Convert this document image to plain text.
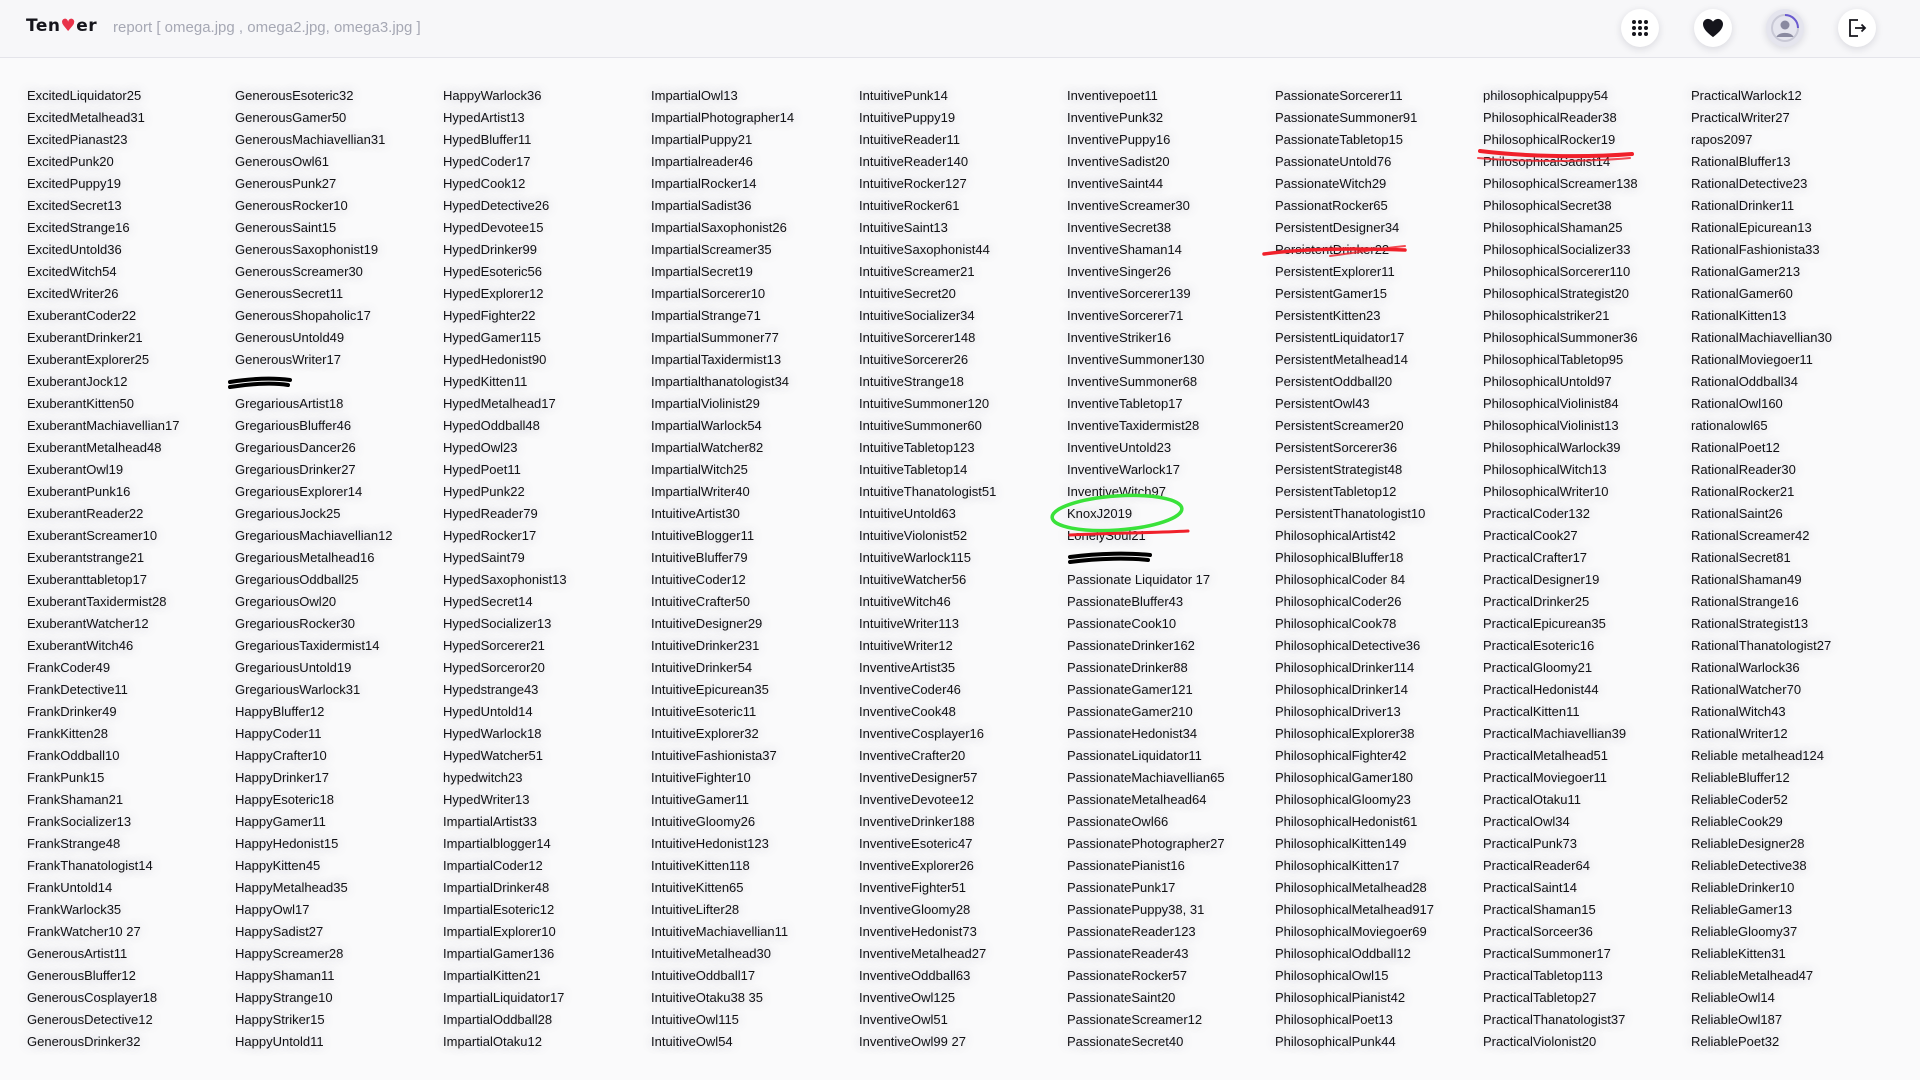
Ten♥er report [ omega.jpg , omega2.jpg, omega3.jpg ]
ExcitedLiquidator25
ExcitedMetalhead31
ExcitedPianast23
ExcitedPunk20
ExcitedPuppy19
ExcitedSecret13
ExcitedStrange16
ExcitedUntold36
ExcitedWitch54
ExcitedWriter26
ExuberantCoder22
ExuberantDrinker21
ExuberantExplorer25
ExuberantJock12
ExuberantKitten50
ExuberantMachiavellian17
ExuberantMetalhead48
ExuberantOwl19
ExuberantPunk16
ExuberantReader22
ExuberantScreamer10
Exuberantstrange21
Exuberanttabletop17
ExuberantTaxidermist28
ExuberantWatcher12
ExuberantWitch46
FrankCoder49
FrankDetective11
FrankDrinker49
FrankKitten28
FrankOddball10
FrankPunk15
FrankShaman21
FrankSocializer13
FrankStrange48
FrankThanatologist14
FrankUntold14
FrankWarlock35
FrankWatcher10 27
GenerousArtist11
GenerousBluffer12
GenerousCosplayer18
GenerousDetective12
GenerousDrinker32
GenerousEsoteric32
GenerousGamer50
GenerousMachiavellian31
GenerousOwl61
GenerousPunk27
GenerousRocker10
GenerousSaint15
GenerousSaxophonist19
GenerousScreamer30
GenerousSecret11
GenerousShopaholic17
GenerousUntold49
GenerousWriter17
GregariousArtist18
GregariousBluffer46
GregariousDancer26
GregariousDrinker27
GregariousExplorer14
GregariousJock25
GregariousMachiavellian12
GregariousMetalhead16
GregariousOddball25
GregariousOwl20
GregariousRocker30
GregariousTaxidermist14
GregariousUntold19
GregariousWarlock31
HappyBluffer12
HappyCoder11
HappyCrafter10
HappyDrinker17
HappyEsoteric18
HappyGamer11
HappyHedonist15
HappyKitten45
HappyMetalhead35
HappyOwl17
HappySadist27
HappyScreamer28
HappyShaman11
HappyStrange10
HappyStriker15
HappyUntold11
HappyWarlock36
HypedArtist13
HypedBluffer11
HypedCoder17
HypedCook12
HypedDetective26
HypedDevotee15
HypedDrinker99
HypedEsoteric56
HypedExplorer12
HypedFighter22
HypedGamer115
HypedHedonist90
HypedKitten11
HypedMetalhead17
HypedOddball48
HypedOwl23
HypedPoet11
HypedPunk22
HypedReader79
HypedRocker17
HypedSaint79
HypedSaxophonist13
HypedSecret14
HypedSocializer13
HypedSorcerer21
HypedSorceror20
Hypedstrange43
HypedUntold14
HypedWarlock18
HypedWatcher51
hypedwitch23
HypedWriter13
ImpartialArtist33
Impartialblogger14
ImpartialCoder12
ImpartialDrinker48
ImpartialEsoteric12
ImpartialExplorer10
ImpartialGamer136
ImpartialKitten21
ImpartialLiquidator17
ImpartialOddball28
ImpartialOtaku12
ImpartialOwl13
ImpartialPhotographer14
ImpartialPuppy21
Impartialreader46
ImpartialRocker14
ImpartialSadist36
ImpartialSaxophonist26
ImpartialScreamer35
ImpartialSecret19
ImpartialSorcerer10
ImpartialStrange71
ImpartialSummoner77
ImpartialTaxidermist13
Impartialthanatologist34
ImpartialViolinist29
ImpartialWarlock54
ImpartialWatcher82
ImpartialWitch25
ImpartialWriter40
IntuitiveArtist30
IntuitiveBlogger11
IntuitiveBluffer79
IntuitiveCoder12
IntuitiveCrafter50
IntuitiveDesigner29
IntuitiveDrinker231
IntuitiveDrinker54
IntuitiveEpicurean35
IntuitiveEsoteric11
IntuitiveExplorer32
IntuitiveFashionista37
IntuitiveFighter10
IntuitiveGamer11
IntuitiveGloomy26
IntuitiveHedonist123
IntuitiveKitten118
IntuitiveKitten65
IntuitiveLifter28
IntuitiveMachiavellian11
IntuitiveMetalhead30
IntuitiveOddball17
IntuitiveOtaku38 35
IntuitiveOwl115
IntuitiveOwl54
IntuitivePunk14
IntuitivePuppy19
IntuitiveReader11
IntuitiveReader140
IntuitiveRocker127
IntuitiveRocker61
IntuitiveSaint13
IntuitiveSaxophonist44
IntuitiveScreamer21
IntuitiveSecret20
IntuitiveSocializer34
IntuitiveSorcerer148
IntuitiveSorcerer26
IntuitiveStrange18
IntuitiveSummoner120
IntuitiveSummoner60
IntuitiveTabletop123
IntuitiveTabletop14
IntuitiveThanatologist51
IntuitiveUntold63
IntuitiveViolonist52
IntuitiveWarlock115
IntuitiveWatcher56
IntuitiveWitch46
IntuitiveWriter113
IntuitiveWriter12
InventiveArtist35
InventiveCoder46
InventiveCook48
InventiveCosplayer16
InventiveCrafter20
InventiveDesigner57
InventiveDevotee12
InventiveDrinker188
InventiveEsoteric47
InventiveExplorer26
InventiveFighter51
InventiveGloomy28
InventiveHedonist73
InventiveMetalhead27
InventiveOddball63
InventiveOwl125
InventiveOwl51
InventiveOwl99 27
Inventivepoet11
InventivePunk32
InventivePuppy16
InventiveSadist20
InventiveSaint44
InventiveScreamer30
InventiveSecret38
InventiveShaman14
InventiveSinger26
InventiveSorcerer139
InventiveSorcerer71
InventiveStriker16
InventiveSummoner130
InventiveSummoner68
InventiveTabletop17
InventiveTaxidermist28
InventiveUntold23
InventiveWarlock17
InventiveWitch97
KnoxJ2019
LonelySoul21
Passionate Liquidator 17
PassionateBluffer43
PassionateCook10
PassionateDrinker162
PassionateDrinker88
PassionateGamer121
PassionateGamer210
PassionateHedonist34
PassionateLiquidator11
PassionateMachiavellian65
PassionateMetalhead64
PassionateOwl66
PassionatePhotographer27
PassionatePianist16
PassionatePunk17
PassionatePuppy38, 31
PassionateReader123
PassionateReader43
PassionateRocker57
PassionateSaint20
PassionateScreamer12
PassionateSecret40
PassionateSorcerer11
PassionateSummoner91
PassionateTabletop15
PassionateUntold76
PassionateWitch29
PassionatRocker65
PersistentDesigner34
PersistentDrinker22
PersistentExplorer11
PersistentGamer15
PersistentKitten23
PersistentLiquidator17
PersistentMetalhead14
PersistentOddball20
PersistentOwl43
PersistentScreamer20
PersistentSorcerer36
PersistentStrategist48
PersistentTabletop12
PersistentThanatologist10
PhilosophicalArtist42
PhilosophicalBluffer18
PhilosophicalCoder 84
PhilosophicalCoder26
PhilosophicalCook78
PhilosophicalDetective36
PhilosophicalDrinker114
PhilosophicalDrinker14
PhilosophicalDriver13
PhilosophicalExplorer38
PhilosophicalFighter42
PhilosophicalGamer180
PhilosophicalGloomy23
PhilosophicalHedonist61
PhilosophicalKitten149
PhilosophicalKitten17
PhilosophicalMetalhead28
PhilosophicalMetalhead917
PhilosophicalMoviegoer69
PhilosophicalOddball12
PhilosophicalOwl15
PhilosophicalPianist42
PhilosophicalPoet13
PhilosophicalPunk44
philosophicalpuppy54
PhilosophicalReader38
PhilosophicalRocker19
PhilosophicalSadist14
PhilosophicalScreamer138
PhilosophicalSecret38
PhilosophicalShaman25
PhilosophicalSocializer33
PhilosophicalSorcerer110
PhilosophicalStrategist20
Philosophicalstriker21
PhilosophicalSummoner36
PhilosophicalTabletop95
PhilosophicalUntold97
PhilosophicalViolinist84
PhilosophicalViolinist13
PhilosophicalWarlock39
PhilosophicalWitch13
PhilosophicalWriter10
PracticalCoder132
PracticalCook27
PracticalCrafter17
PracticalDesigner19
PracticalDrinker25
PracticalEpicurean35
PracticalEsoteric16
PracticalGloomy21
PracticalHedonist44
PracticalKitten11
PracticalMachiavellian39
PracticalMetalhead51
PracticalMoviegoer11
PracticalOtaku11
PracticalOwl34
PracticalPunk73
PracticalReader64
PracticalSaint14
PracticalShaman15
PracticalSorceer36
PracticalSummoner17
PracticalTabletop113
PracticalTabletop27
PracticalThanatologist37
PracticalViolonist20
PracticalWarlock12
PracticalWriter27
rapos2097
RationalBluffer13
RationalDetective23
RationalDrinker11
RationalEpicurean13
RationalFashionista33
RationalGamer213
RationalGamer60
RationalKitten13
RationalMachiavellian30
RationalMoviegoer11
RationalOddball34
RationalOwl160
rationalowl65
RationalPoet12
RationalReader30
RationalRocker21
RationalSaint26
RationalScreamer42
RationalSecret81
RationalShaman49
RationalStrange16
RationalStrategist13
RationalThanatologist27
RationalWarlock36
RationalWatcher70
RationalWitch43
RationalWriter12
Reliable metalhead124
ReliableBluffer12
ReliableCoder52
ReliableCook29
ReliableDesigner28
ReliableDetective38
ReliableDrinker10
ReliableGamer13
ReliableGloomy37
ReliableKitten31
ReliableMetalhead47
ReliableOwl14
ReliableOwl187
ReliablePoet32
